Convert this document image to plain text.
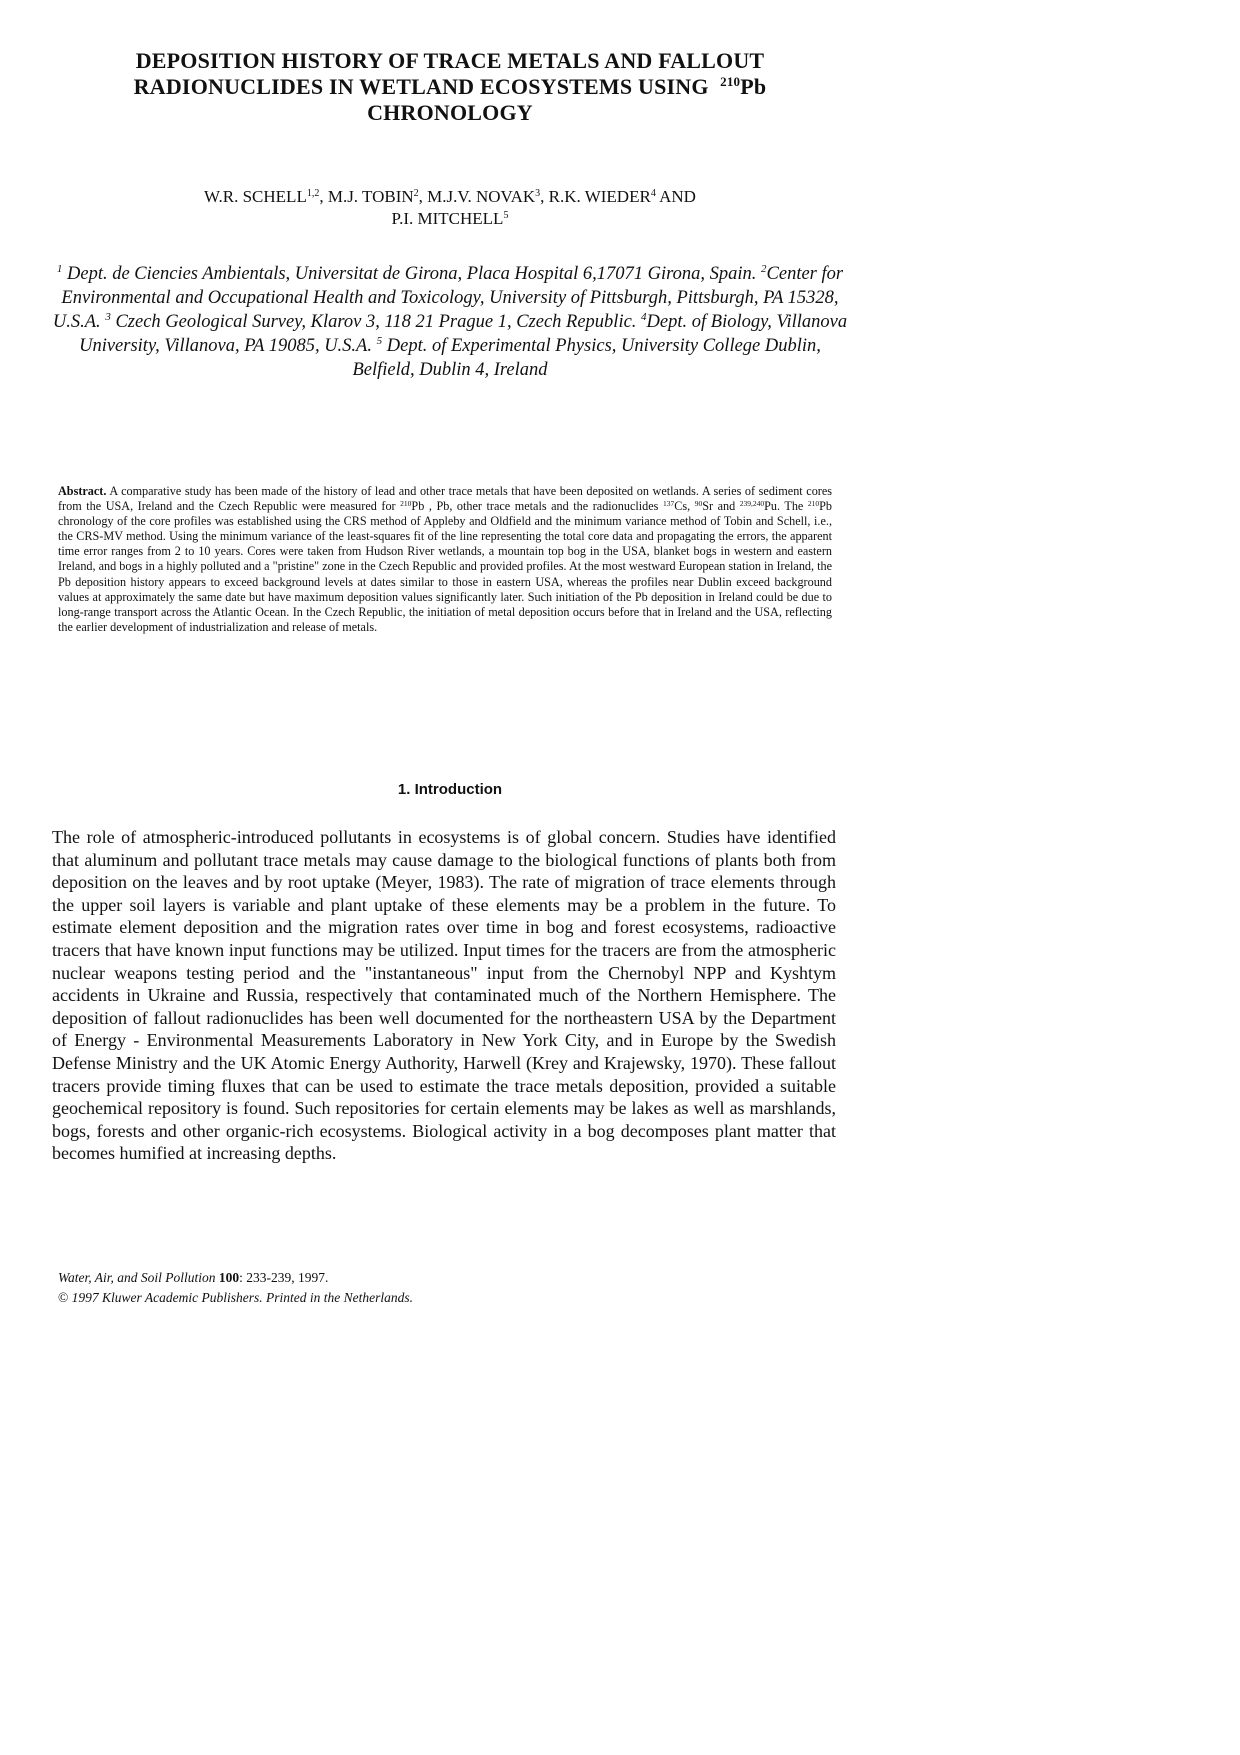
DEPOSITION HISTORY OF TRACE METALS AND FALLOUT
RADIONUCLIDES IN WETLAND ECOSYSTEMS USING $^{210}$Pb
CHRONOLOGY
W.R. SCHELL$^{1,2}$, M.J. TOBIN$^2$, M.J.V. NOVAK$^3$, R.K. WIEDER$^4$ AND
P.I. MITCHELL$^5$
$^1$ Dept. de Ciencies Ambientals, Universitat de Girona, Placa Hospital 6,17071 Girona, Spain. $^2$Center for Environmental and Occupational Health and Toxicology, University of Pittsburgh, Pittsburgh, PA 15328, U.S.A. $^3$ Czech Geological Survey, Klarov 3, 118 21 Prague 1, Czech Republic. $^4$Dept. of Biology, Villanova University, Villanova, PA 19085, U.S.A. $^5$ Dept. of Experimental Physics, University College Dublin, Belfield, Dublin 4, Ireland
Abstract. A comparative study has been made of the history of lead and other trace metals that have been deposited on wetlands. A series of sediment cores from the USA, Ireland and the Czech Republic were measured for $^{210}$Pb , Pb, other trace metals and the radionuclides $^{137}$Cs, $^{90}$Sr and $^{239,240}$Pu. The $^{210}$Pb chronology of the core profiles was established using the CRS method of Appleby and Oldfield and the minimum variance method of Tobin and Schell, i.e., the CRS-MV method. Using the minimum variance of the least-squares fit of the line representing the total core data and propagating the errors, the apparent time error ranges from 2 to 10 years. Cores were taken from Hudson River wetlands, a mountain top bog in the USA, blanket bogs in western and eastern Ireland, and bogs in a highly polluted and a "pristine" zone in the Czech Republic and provided profiles. At the most westward European station in Ireland, the Pb deposition history appears to exceed background levels at dates similar to those in eastern USA, whereas the profiles near Dublin exceed background values at approximately the same date but have maximum deposition values significantly later. Such initiation of the Pb deposition in Ireland could be due to long-range transport across the Atlantic Ocean. In the Czech Republic, the initiation of metal deposition occurs before that in Ireland and the USA, reflecting the earlier development of industrialization and release of metals.
1. Introduction

The role of atmospheric-introduced pollutants in ecosystems is of global concern. Studies have identified that aluminum and pollutant trace metals may cause damage to the biological functions of plants both from deposition on the leaves and by root uptake (Meyer, 1983). The rate of migration of trace elements through the upper soil layers is variable and plant uptake of these elements may be a problem in the future. To estimate element deposition and the migration rates over time in bog and forest ecosystems, radioactive tracers that have known input functions may be utilized. Input times for the tracers are from the atmospheric nuclear weapons testing period and the "instantaneous" input from the Chernobyl NPP and Kyshtym accidents in Ukraine and Russia, respectively that contaminated much of the Northern Hemisphere. The deposition of fallout radionuclides has been well documented for the northeastern USA by the Department of Energy - Environmental Measurements Laboratory in New York City, and in Europe by the Swedish Defense Ministry and the UK Atomic Energy Authority, Harwell (Krey and Krajewsky, 1970). These fallout tracers provide timing fluxes that can be used to estimate the trace metals deposition, provided a suitable geochemical repository is found. Such repositories for certain elements may be lakes as well as marshlands, bogs, forests and other organic-rich ecosystems. Biological activity in a bog decomposes plant matter that becomes humified at increasing depths.

Water, Air, and Soil Pollution 100: 233-239, 1997.
© 1997 Kluwer Academic Publishers. Printed in the Netherlands.
